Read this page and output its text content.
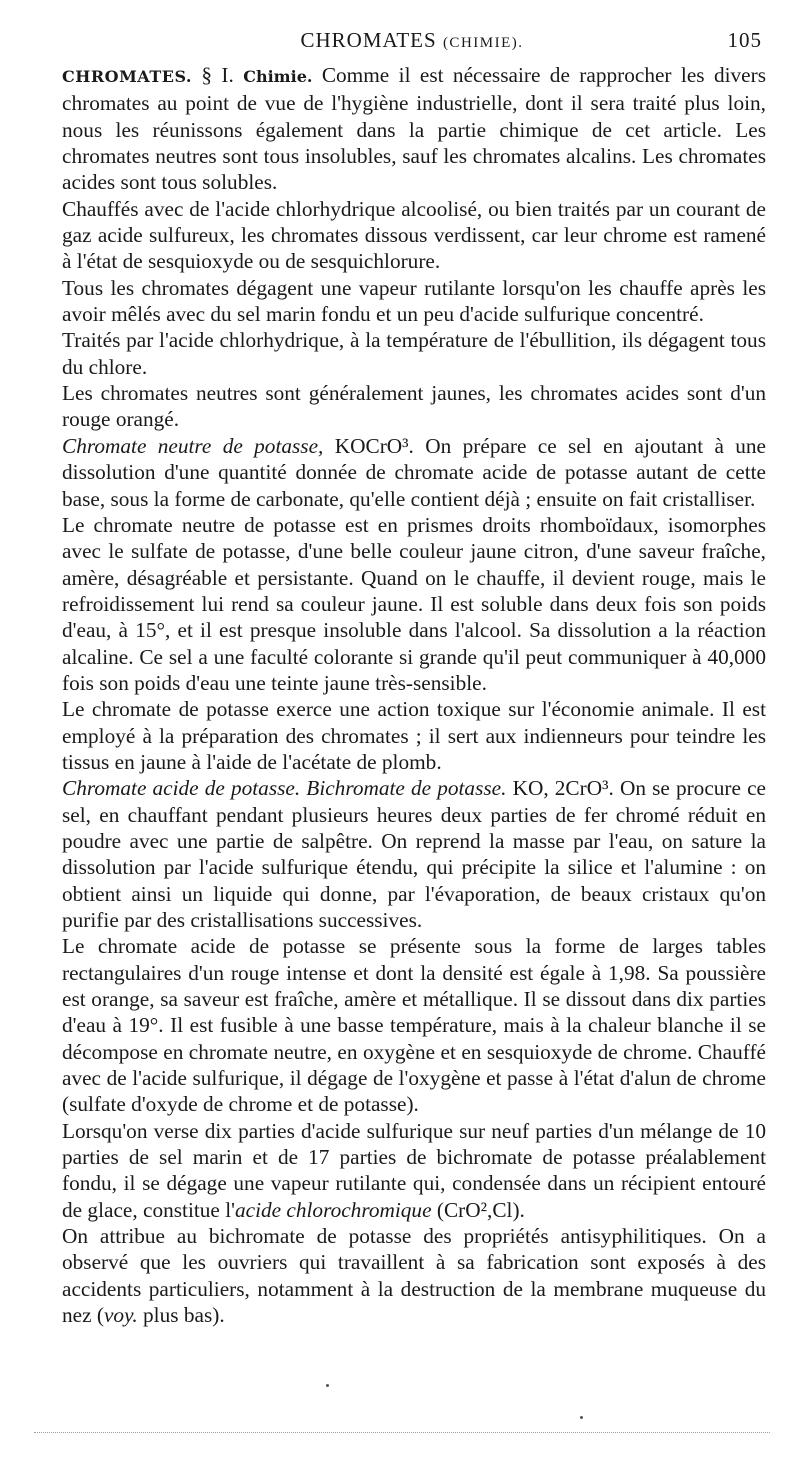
CHROMATES (CHIMIE).	105

CHROMATES. § I. Chimie. Comme il est nécessaire de rapprocher les divers chromates au point de vue de l'hygiène industrielle, dont il sera traité plus loin, nous les réunissons également dans la partie chimique de cet article. Les chromates neutres sont tous insolubles, sauf les chromates alcalins. Les chromates acides sont tous solubles.

Chauffés avec de l'acide chlorhydrique alcoolisé, ou bien traités par un courant de gaz acide sulfureux, les chromates dissous verdissent, car leur chrome est ramené à l'état de sesquioxyde ou de sesquichlorure.

Tous les chromates dégagent une vapeur rutilante lorsqu'on les chauffe après les avoir mêlés avec du sel marin fondu et un peu d'acide sulfurique concentré.

Traités par l'acide chlorhydrique, à la température de l'ébullition, ils dégagent tous du chlore.

Les chromates neutres sont généralement jaunes, les chromates acides sont d'un rouge orangé.

Chromate neutre de potasse, KOCrO³. On prépare ce sel en ajoutant à une dissolution d'une quantité donnée de chromate acide de potasse autant de cette base, sous la forme de carbonate, qu'elle contient déjà ; ensuite on fait cristalliser.

Le chromate neutre de potasse est en prismes droits rhomboïdaux, isomorphes avec le sulfate de potasse, d'une belle couleur jaune citron, d'une saveur fraîche, amère, désagréable et persistante. Quand on le chauffe, il devient rouge, mais le refroidissement lui rend sa couleur jaune. Il est soluble dans deux fois son poids d'eau, à 15°, et il est presque insoluble dans l'alcool. Sa dissolution a la réaction alcaline. Ce sel a une faculté colorante si grande qu'il peut communiquer à 40,000 fois son poids d'eau une teinte jaune très-sensible.

Le chromate de potasse exerce une action toxique sur l'économie animale. Il est employé à la préparation des chromates ; il sert aux indienneurs pour teindre les tissus en jaune à l'aide de l'acétate de plomb.

Chromate acide de potasse. Bichromate de potasse. KO, 2CrO³. On se procure ce sel, en chauffant pendant plusieurs heures deux parties de fer chromé réduit en poudre avec une partie de salpêtre. On reprend la masse par l'eau, on sature la dissolution par l'acide sulfurique étendu, qui précipite la silice et l'alumine : on obtient ainsi un liquide qui donne, par l'évaporation, de beaux cristaux qu'on purifie par des cristallisations successives.

Le chromate acide de potasse se présente sous la forme de larges tables rectangulaires d'un rouge intense et dont la densité est égale à 1,98. Sa poussière est orange, sa saveur est fraîche, amère et métallique. Il se dissout dans dix parties d'eau à 19°. Il est fusible à une basse température, mais à la chaleur blanche il se décompose en chromate neutre, en oxygène et en sesquioxyde de chrome. Chauffé avec de l'acide sulfurique, il dégage de l'oxygène et passe à l'état d'alun de chrome (sulfate d'oxyde de chrome et de potasse).

Lorsqu'on verse dix parties d'acide sulfurique sur neuf parties d'un mélange de 10 parties de sel marin et de 17 parties de bichromate de potasse préalablement fondu, il se dégage une vapeur rutilante qui, condensée dans un récipient entouré de glace, constitue l'acide chlorochromique (CrO²,Cl).

On attribue au bichromate de potasse des propriétés antisyphilitiques. On a observé que les ouvriers qui travaillent à sa fabrication sont exposés à des accidents particuliers, notamment à la destruction de la membrane muqueuse du nez (voy. plus bas).
